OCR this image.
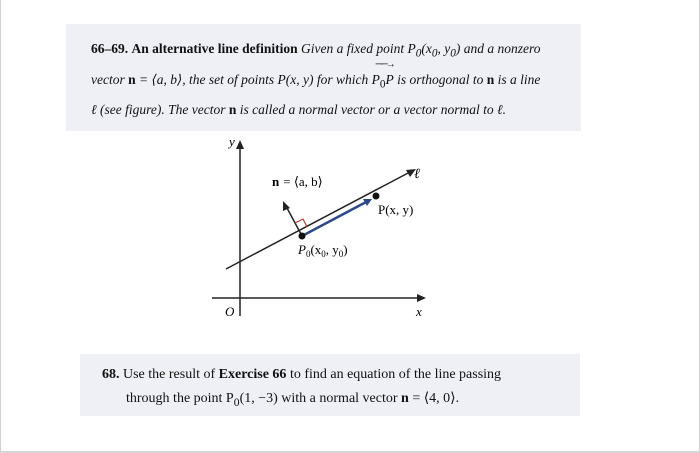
66–69. An alternative line definition Given a fixed point $P_0(x_0$, $y_0$) and a nonzero
vector n = ⟨a, b⟩, the set of points P(x, y) for which
──→
$P_0P$ is orthogonal to n is a line
ℓ (see figure). The vector n is called a normal vector or a vector normal to ℓ.
y
x
O
ℓ
n = ⟨a, b⟩
P(x, y)
$P_0(x_0$, $y_0$)
68. Use the result of Exercise 66 to find an equation of the line passing
through the point $P_0(1$, −3) with a normal vector n = ⟨4, 0⟩.
